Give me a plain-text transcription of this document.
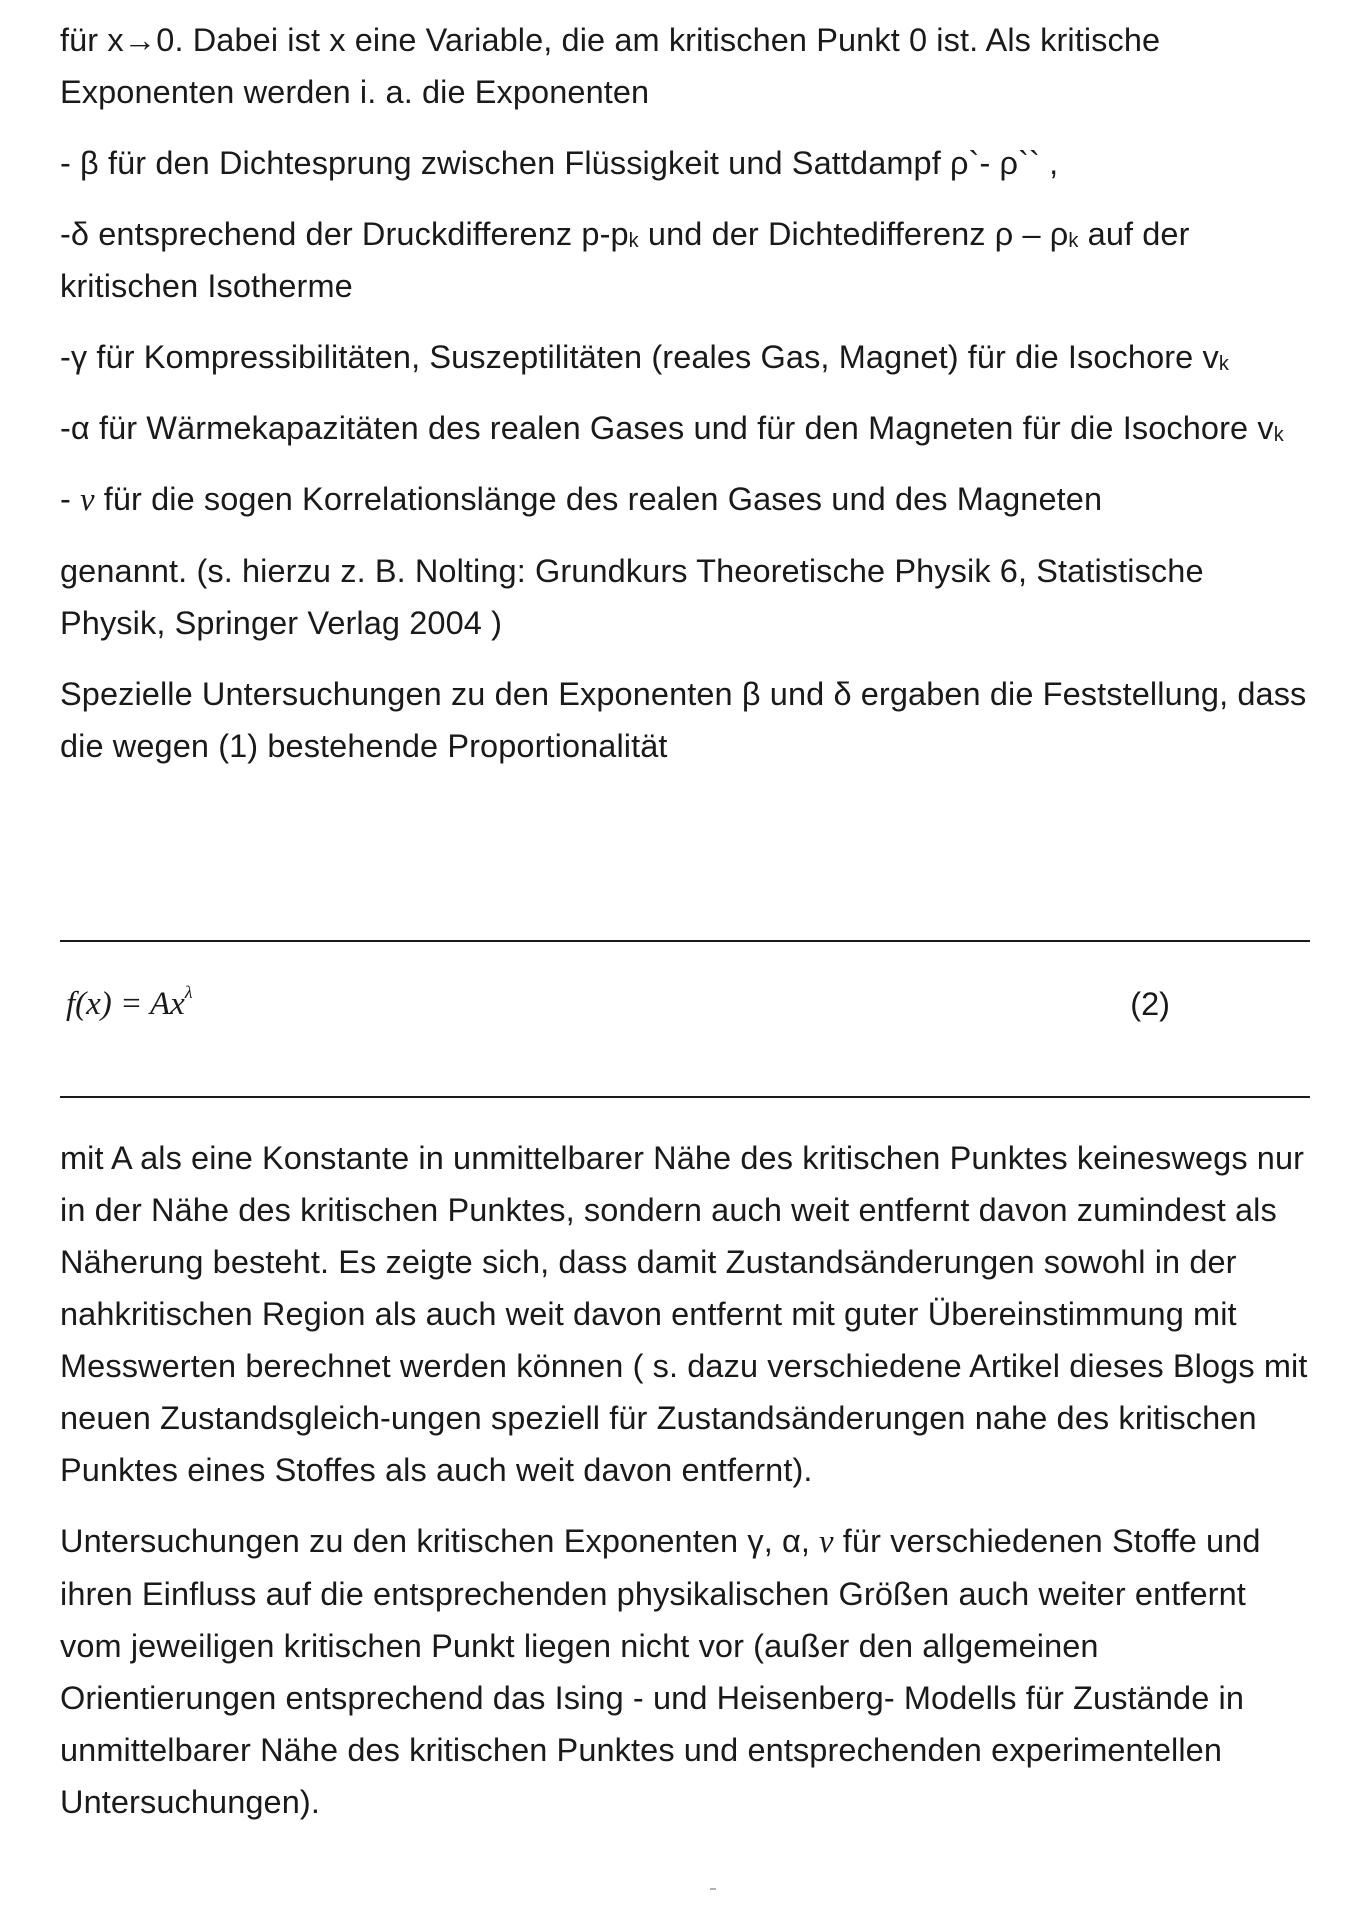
für x→0. Dabei ist x eine Variable, die am kritischen Punkt 0 ist. Als kritische Exponenten werden i. a. die Exponenten

- β für den Dichtesprung zwischen Flüssigkeit und Sattdampf ρ`- ρ`` ,

-δ entsprechend der Druckdifferenz $p-p_k$ und der Dichtedifferenz ρ – $\rho_k$ auf der kritischen Isotherme

-γ für Kompressibilitäten, Suszeptilitäten (reales Gas, Magnet) für die Isochore $v_k$

-α für Wärmekapazitäten des realen Gases und für den Magneten für die Isochore $v_k$

- ν für die sogen Korrelationslänge des realen Gases und des Magneten

genannt. (s. hierzu z. B. Nolting: Grundkurs Theoretische Physik 6, Statistische Physik, Springer Verlag 2004 )

Spezielle Untersuchungen zu den Exponenten β und δ ergaben die Feststellung, dass die wegen (1) bestehende Proportionalität

$f(x) = Ax^\lambda$	(2)

mit A als eine Konstante in unmittelbarer Nähe des kritischen Punktes keineswegs nur in der Nähe des kritischen Punktes, sondern auch weit entfernt davon zumindest als Näherung besteht. Es zeigte sich, dass damit Zustandsänderungen sowohl in der nahkritischen Region als auch weit davon entfernt mit guter Übereinstimmung mit Messwerten berechnet werden können ( s. dazu verschiedene Artikel dieses Blogs mit neuen Zustandsgleich-ungen speziell für Zustandsänderungen nahe des kritischen Punktes eines Stoffes als auch weit davon entfernt).

Untersuchungen zu den kritischen Exponenten γ, α, ν für verschiedenen Stoffe und ihren Einfluss auf die entsprechenden physikalischen Größen auch weiter entfernt vom jeweiligen kritischen Punkt liegen nicht vor (außer den allgemeinen Orientierungen entsprechend das Ising - und Heisenberg- Modells für Zustände in unmittelbarer Nähe des kritischen Punktes und entsprechenden experimentellen Untersuchungen).
